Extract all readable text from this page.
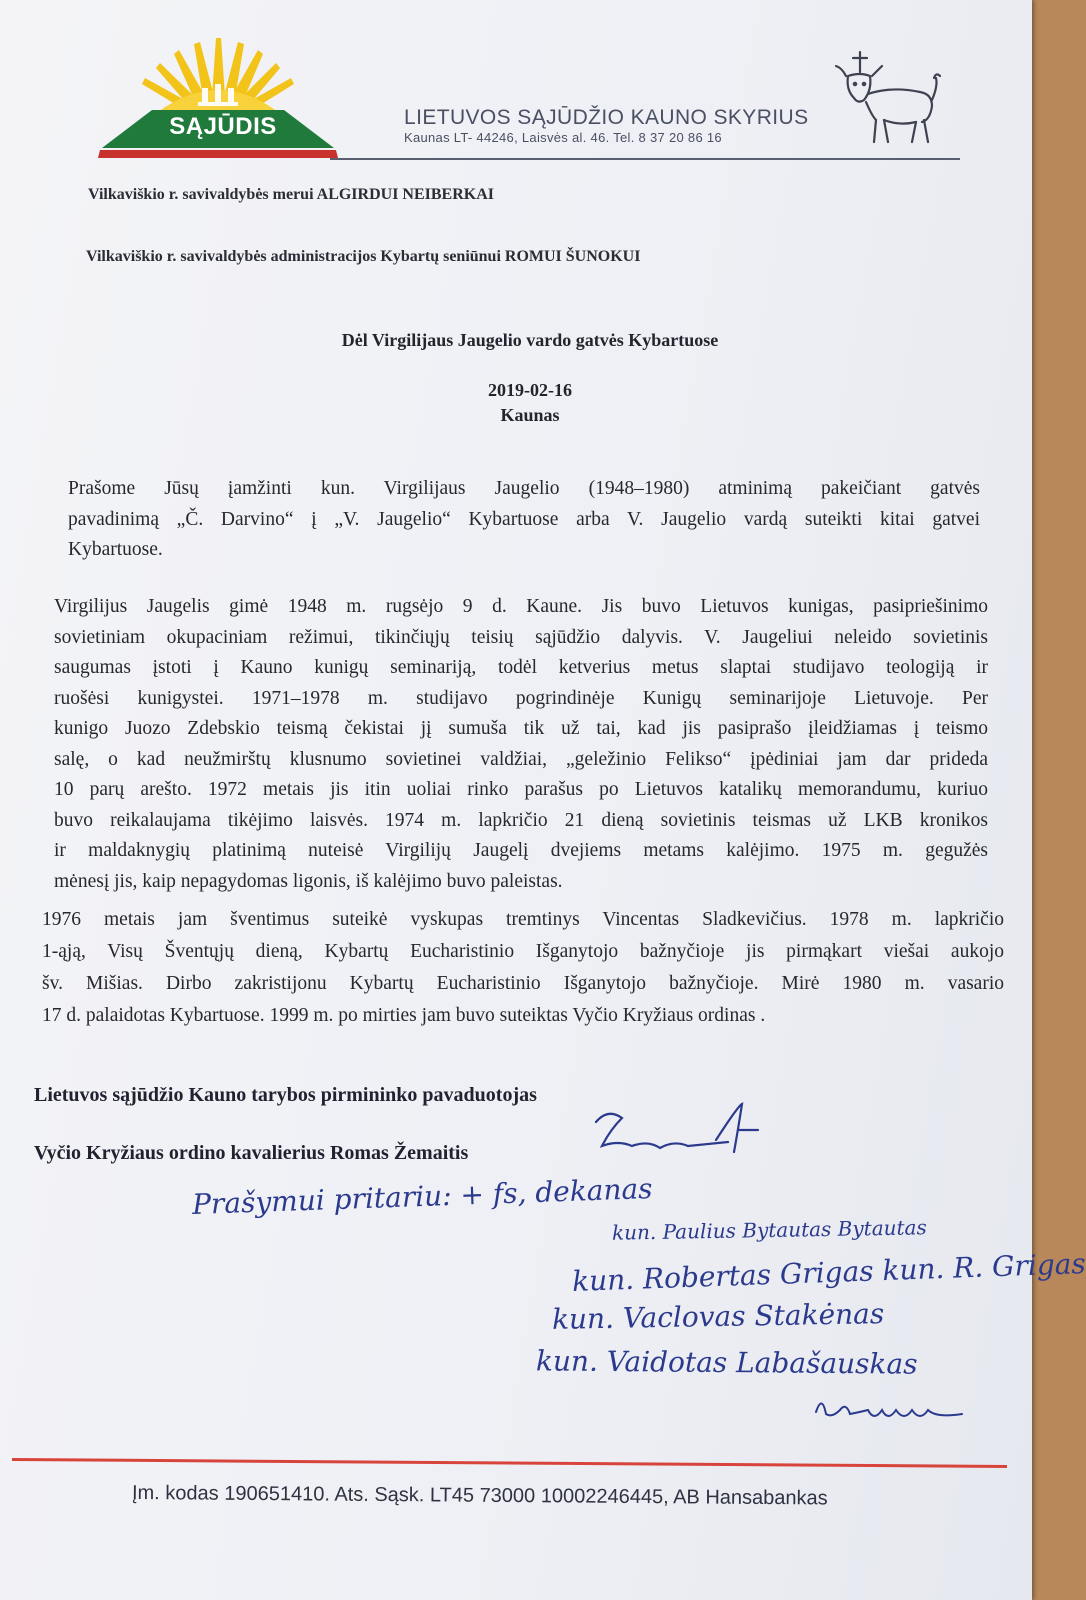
SĄJŪDIS	LIETUVOS SĄJŪDŽIO KAUNO SKYRIUS
Kaunas LT- 44246, Laisvės al. 46. Tel. 8 37 20 86 16
Vilkaviškio r. savivaldybės merui ALGIRDUI NEIBERKAI
Vilkaviškio r. savivaldybės administracijos Kybartų seniūnui ROMUI ŠUNOKUI
Dėl Virgilijaus Jaugelio vardo gatvės Kybartuose
2019-02-16
Kaunas
Prašome Jūsų įamžinti kun. Virgilijaus Jaugelio (1948–1980) atminimą pakeičiant gatvės
pavadinimą „Č. Darvino“ į „V. Jaugelio“ Kybartuose arba V. Jaugelio vardą suteikti kitai gatvei
Kybartuose.
Virgilijus Jaugelis gimė 1948 m. rugsėjo 9 d. Kaune. Jis buvo Lietuvos kunigas, pasipriešinimo
sovietiniam okupaciniam režimui, tikinčiųjų teisių sąjūdžio dalyvis. V. Jaugeliui neleido sovietinis
saugumas įstoti į Kauno kunigų seminariją, todėl ketverius metus slaptai studijavo teologiją ir
ruošėsi kunigystei. 1971–1978 m. studijavo pogrindinėje Kunigų seminarijoje Lietuvoje. Per
kunigo Juozo Zdebskio teismą čekistai jį sumuša tik už tai, kad jis pasiprašo įleidžiamas į teismo
salę, o kad neužmirštų klusnumo sovietinei valdžiai, „geležinio Felikso“ įpėdiniai jam dar prideda
10 parų arešto. 1972 metais jis itin uoliai rinko parašus po Lietuvos katalikų memorandumu, kuriuo
buvo reikalaujama tikėjimo laisvės. 1974 m. lapkričio 21 dieną sovietinis teismas už LKB kronikos
ir maldaknygių platinimą nuteisė Virgilijų Jaugelį dvejiems metams kalėjimo. 1975 m. gegužės
mėnesį jis, kaip nepagydomas ligonis, iš kalėjimo buvo paleistas.
1976 metais jam šventimus suteikė vyskupas tremtinys Vincentas Sladkevičius. 1978 m. lapkričio
1-ąją, Visų Šventųjų dieną, Kybartų Eucharistinio Išganytojo bažnyčioje jis pirmąkart viešai aukojo
šv. Mišias. Dirbo zakristijonu Kybartų Eucharistinio Išganytojo bažnyčioje. Mirė 1980 m. vasario
17 d. palaidotas Kybartuose. 1999 m. po mirties jam buvo suteiktas Vyčio Kryžiaus ordinas .
Lietuvos sąjūdžio Kauno tarybos pirmininko pavaduotojas
Vyčio Kryžiaus ordino kavalierius Romas Žemaitis
Prašymui pritariu: + fs, dekanas
kun. Paulius Bytautas Bytautas
kun. Robertas Grigas kun. R. Grigas
kun. Vaclovas Stakėnas
kun. Vaidotas Labašauskas
Įm. kodas 190651410. Ats. Sąsk. LT45 73000 10002246445, AB Hansabankas
